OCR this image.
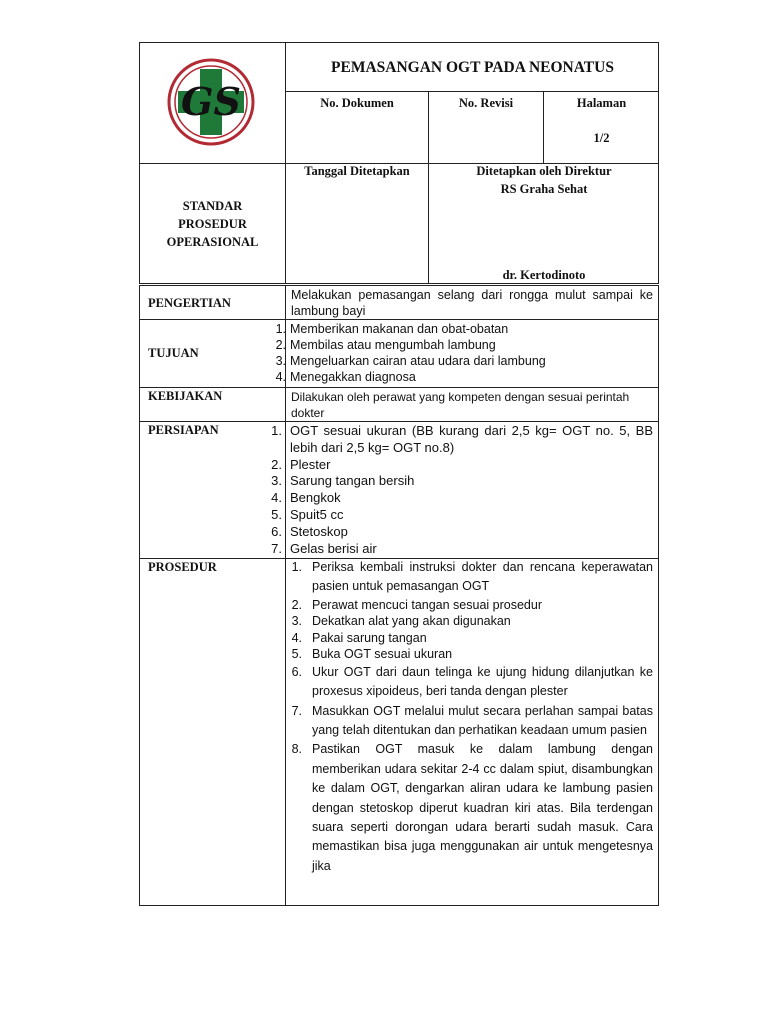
GS
PEMASANGAN OGT PADA NEONATUS
No. Dokumen	No. Revisi	Halaman
1/2
STANDAR
PROSEDUR
OPERASIONAL
Tanggal Ditetapkan	Ditetapkan oleh Direktur
RS Graha Sehat
dr. Kertodinoto
PENGERTIAN
Melakukan pemasangan selang dari rongga mulut sampai ke lambung bayi
TUJUAN
1. Memberikan makanan dan obat-obatan
2. Membilas atau mengumbah lambung
3. Mengeluarkan cairan atau udara dari lambung
4. Menegakkan diagnosa
KEBIJAKAN	Dilakukan oleh perawat yang kompeten dengan sesuai perintah dokter
PERSIAPAN	1. OGT sesuai ukuran (BB kurang dari 2,5 kg= OGT no. 5, BB lebih dari 2,5 kg= OGT no.8)
2. Plester
3. Sarung tangan bersih
4. Bengkok
5. Spuit5 cc
6. Stetoskop
7. Gelas berisi air
PROSEDUR	1. Periksa kembali instruksi dokter dan rencana keperawatan pasien untuk pemasangan OGT
2. Perawat mencuci tangan sesuai prosedur
3. Dekatkan alat yang akan digunakan
4. Pakai sarung tangan
5. Buka OGT sesuai ukuran
6. Ukur OGT dari daun telinga ke ujung hidung dilanjutkan ke proxesus xipoideus, beri tanda dengan plester
7. Masukkan OGT melalui mulut secara perlahan sampai batas yang telah ditentukan dan perhatikan keadaan umum pasien
8. Pastikan OGT masuk ke dalam lambung dengan memberikan udara sekitar 2-4 cc dalam spiut, disambungkan ke dalam OGT, dengarkan aliran udara ke lambung pasien dengan stetoskop diperut kuadran kiri atas. Bila terdengan suara seperti dorongan udara berarti sudah masuk. Cara memastikan bisa juga menggunakan air untuk mengetesnya jika
